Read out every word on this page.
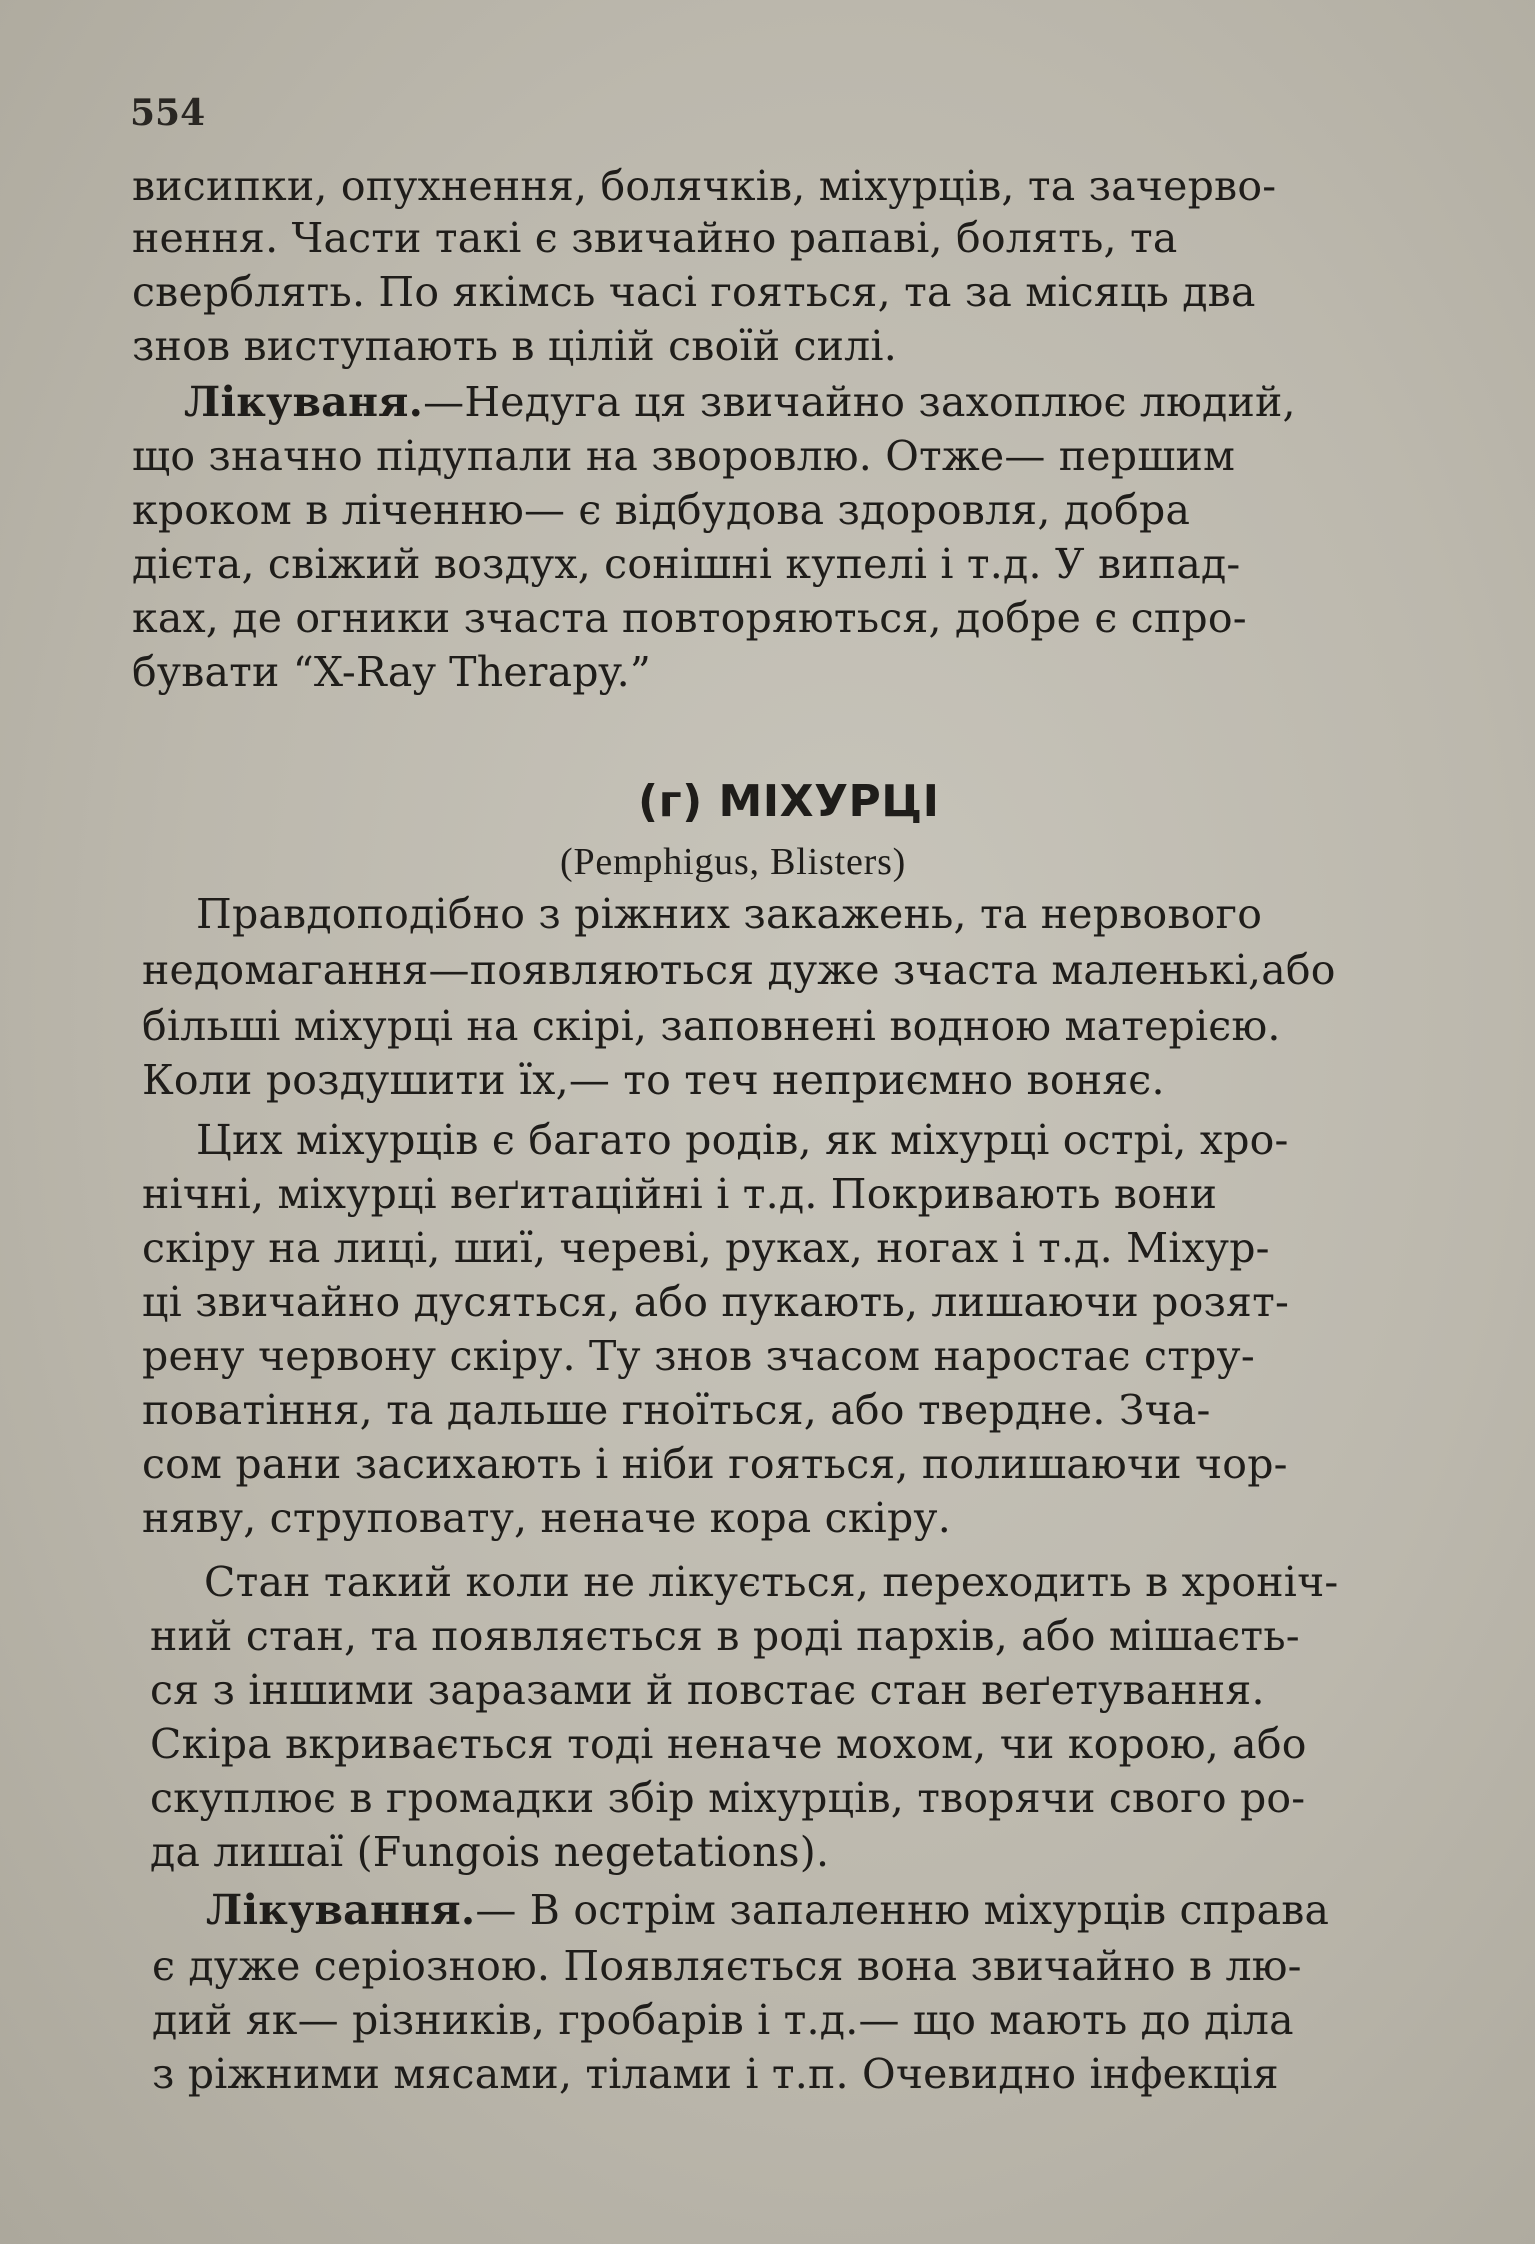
554
висипки, опухнення, болячків, міхурців, та зачерво-
нення. Части такі є звичайно рапаві, болять, та
сверблять. По якімсь часі гояться, та за місяць два
знов виступають в цілій своїй силі.
Лікуваня.—Недуга ця звичайно захоплює людий,
що значно підупали на зворовлю. Отже— першим
кроком в ліченню— є відбудова здоровля, добра
дієта, свіжий воздух, сонішні купелі і т.д. У випад-
ках, де огники зчаста повторяються, добре є спро-
бувати “X-Ray Therapy.”
(г) МІХУРЦІ
(Pemphigus, Blisters)
Правдоподібно з ріжних закажень, та нервового
недомагання—появляються дуже зчаста маленькі,або
більші міхурці на скірі, заповнені водною матерією.
Коли роздушити їх,— то теч неприємно воняє.
Цих міхурців є багато родів, як міхурці острі, хро-
нічні, міхурці веґитаційні і т.д. Покривають вони
скіру на лиці, шиї, череві, руках, ногах і т.д. Міхур-
ці звичайно дусяться, або пукають, лишаючи розят-
рену червону скіру. Ту знов зчасом наростає стру-
поватіння, та дальше гноїться, або твердне. Зча-
сом рани засихають і ніби гояться, полишаючи чор-
няву, струповату, неначе кора скіру.
Стан такий коли не лікується, переходить в хроніч-
ний стан, та появляється в роді пархів, або мішаєть-
ся з іншими заразами й повстає стан веґетування.
Скіра вкривається тоді неначе мохом, чи корою, або
скуплює в громадки збір міхурців, творячи свого ро-
да лишаї (Fungois negetations).
Лікування.— В острім запаленню міхурців справа
є дуже серіозною. Появляється вона звичайно в лю-
дий як— різників, гробарів і т.д.— що мають до діла
з ріжними мясами, тілами і т.п. Очевидно інфекція
